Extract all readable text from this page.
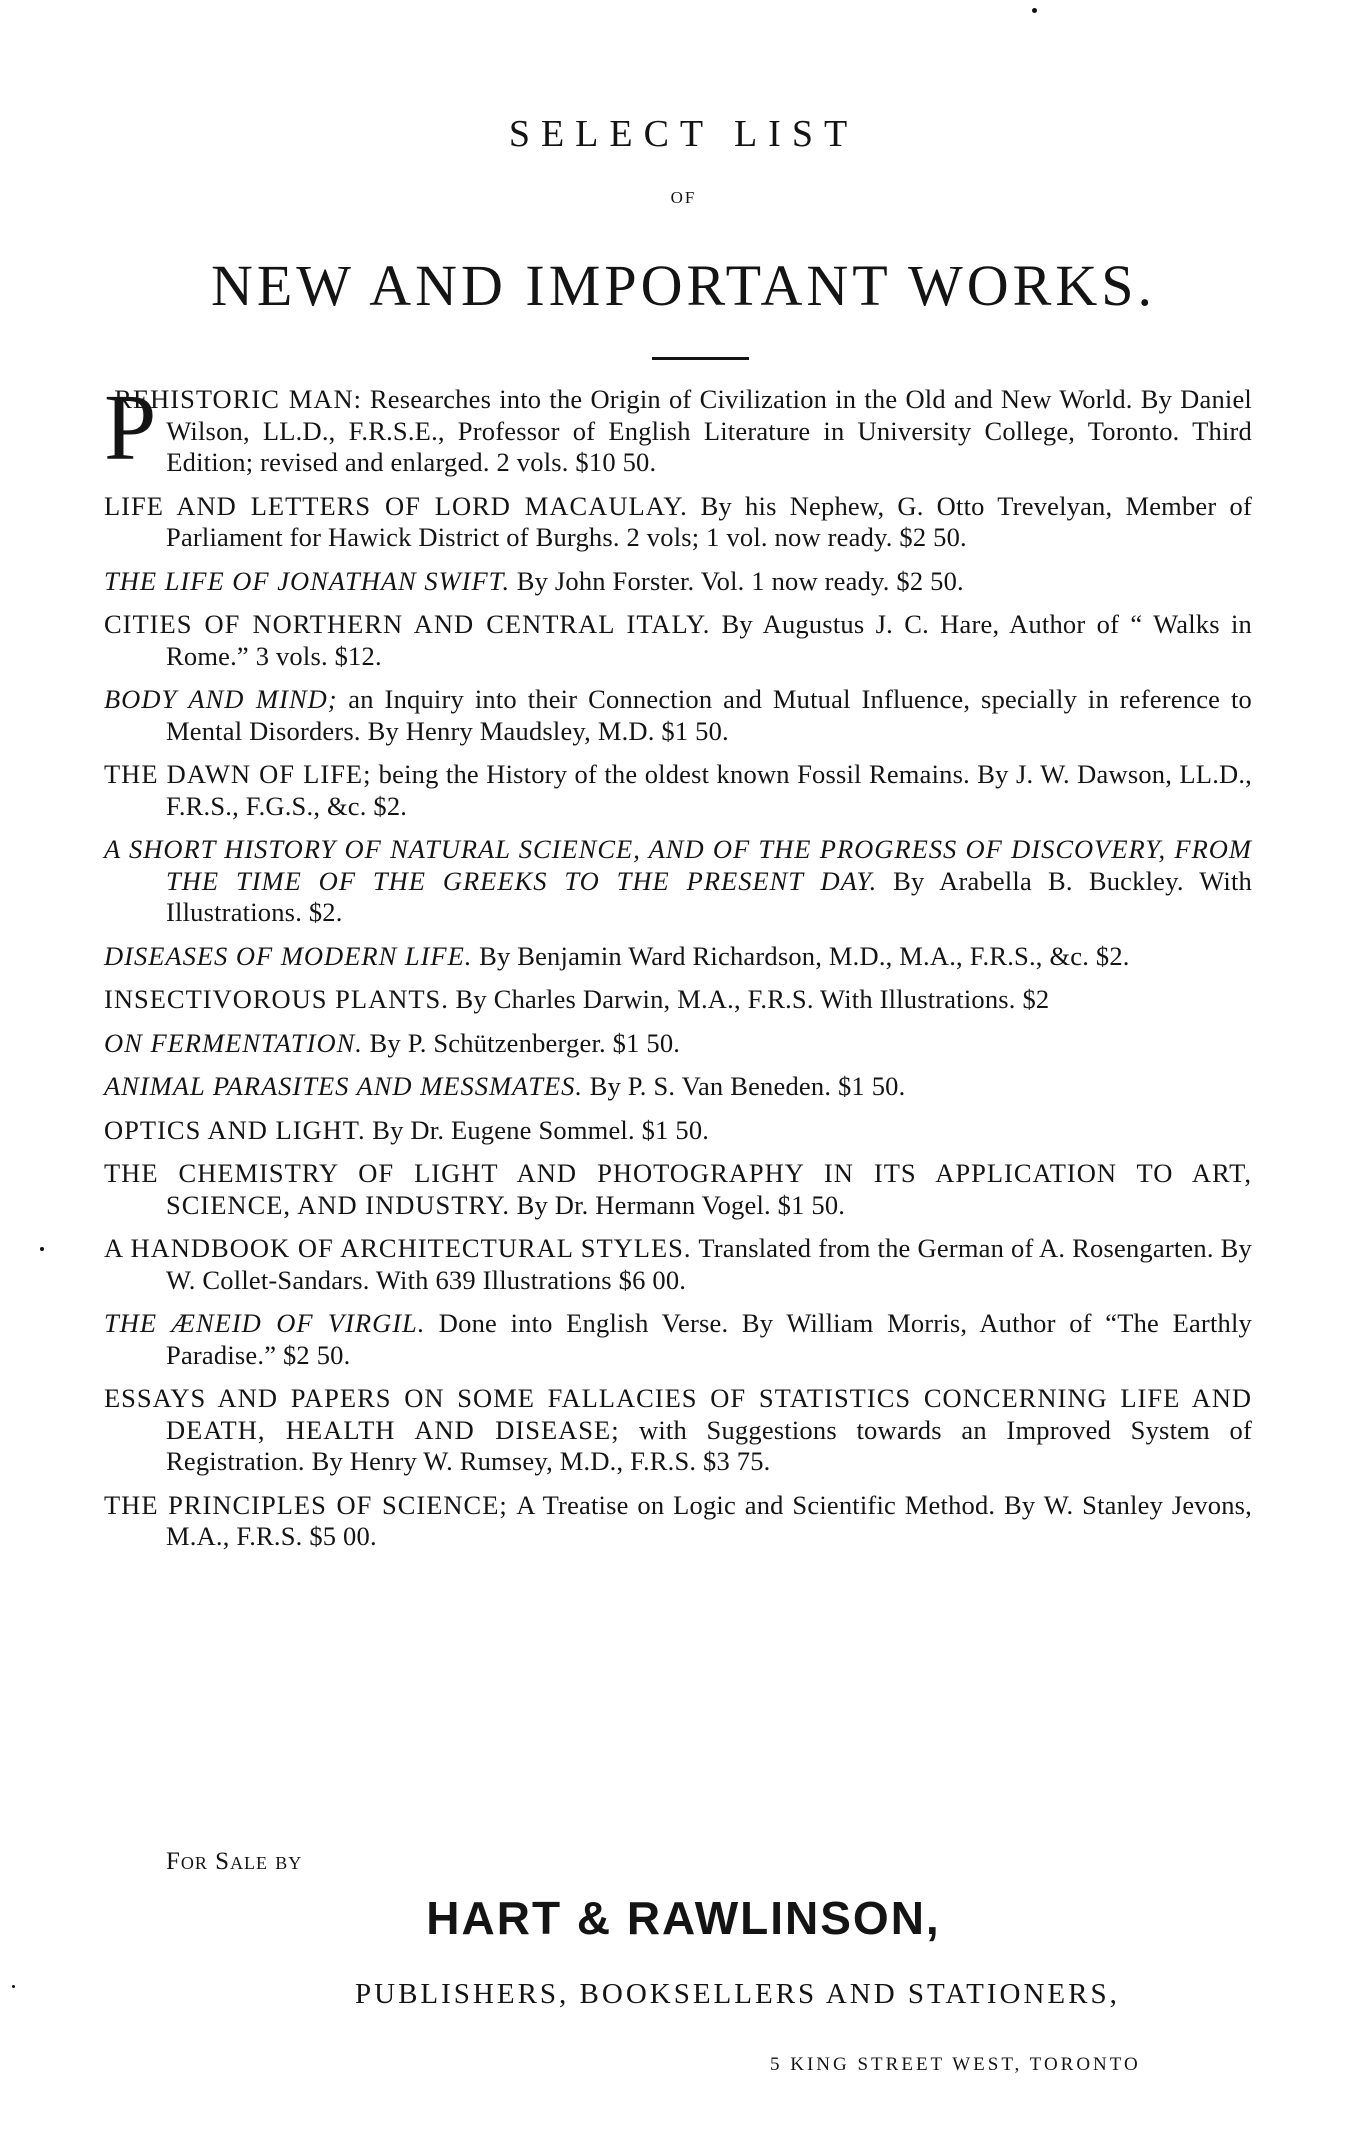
SELECT LIST
OF
NEW AND IMPORTANT WORKS.

P
REHISTORIC MAN: Researches into the Origin of Civilization in the Old and New World. By Daniel Wilson, LL.D., F.R.S.E., Professor of English Literature in University College, Toronto. Third Edition; revised and enlarged. 2 vols. $10 50.

LIFE AND LETTERS OF LORD MACAULAY. By his Nephew, G. Otto Trevelyan, Member of Parliament for Hawick District of Burghs. 2 vols; 1 vol. now ready. $2 50.

THE LIFE OF JONATHAN SWIFT. By John Forster. Vol. 1 now ready. $2 50.

CITIES OF NORTHERN AND CENTRAL ITALY. By Augustus J. C. Hare, Author of “ Walks in Rome.” 3 vols. $12.

BODY AND MIND; an Inquiry into their Connection and Mutual Influence, specially in reference to Mental Disorders. By Henry Maudsley, M.D. $1 50.

THE DAWN OF LIFE; being the History of the oldest known Fossil Remains. By J. W. Dawson, LL.D., F.R.S., F.G.S., &c. $2.

A SHORT HISTORY OF NATURAL SCIENCE, AND OF THE PROGRESS OF DISCOVERY, FROM THE TIME OF THE GREEKS TO THE PRESENT DAY. By Arabella B. Buckley. With Illustrations. $2.

DISEASES OF MODERN LIFE. By Benjamin Ward Richardson, M.D., M.A., F.R.S., &c. $2.

INSECTIVOROUS PLANTS. By Charles Darwin, M.A., F.R.S. With Illustrations. $2

ON FERMENTATION. By P. Schützenberger. $1 50.

ANIMAL PARASITES AND MESSMATES. By P. S. Van Beneden. $1 50.

OPTICS AND LIGHT. By Dr. Eugene Sommel. $1 50.

THE CHEMISTRY OF LIGHT AND PHOTOGRAPHY IN ITS APPLICATION TO ART, SCIENCE, AND INDUSTRY. By Dr. Hermann Vogel. $1 50.

A HANDBOOK OF ARCHITECTURAL STYLES. Translated from the German of A. Rosengarten. By W. Collet-Sandars. With 639 Illustrations $6 00.

THE ÆNEID OF VIRGIL. Done into English Verse. By William Morris, Author of “The Earthly Paradise.” $2 50.

ESSAYS AND PAPERS ON SOME FALLACIES OF STATISTICS CONCERNING LIFE AND DEATH, HEALTH AND DISEASE; with Suggestions towards an Improved System of Registration. By Henry W. Rumsey, M.D., F.R.S. $3 75.

THE PRINCIPLES OF SCIENCE; A Treatise on Logic and Scientific Method. By W. Stanley Jevons, M.A., F.R.S. $5 00.

For Sale by
HART & RAWLINSON,
PUBLISHERS, BOOKSELLERS AND STATIONERS,
5 KING STREET WEST, TORONTO
